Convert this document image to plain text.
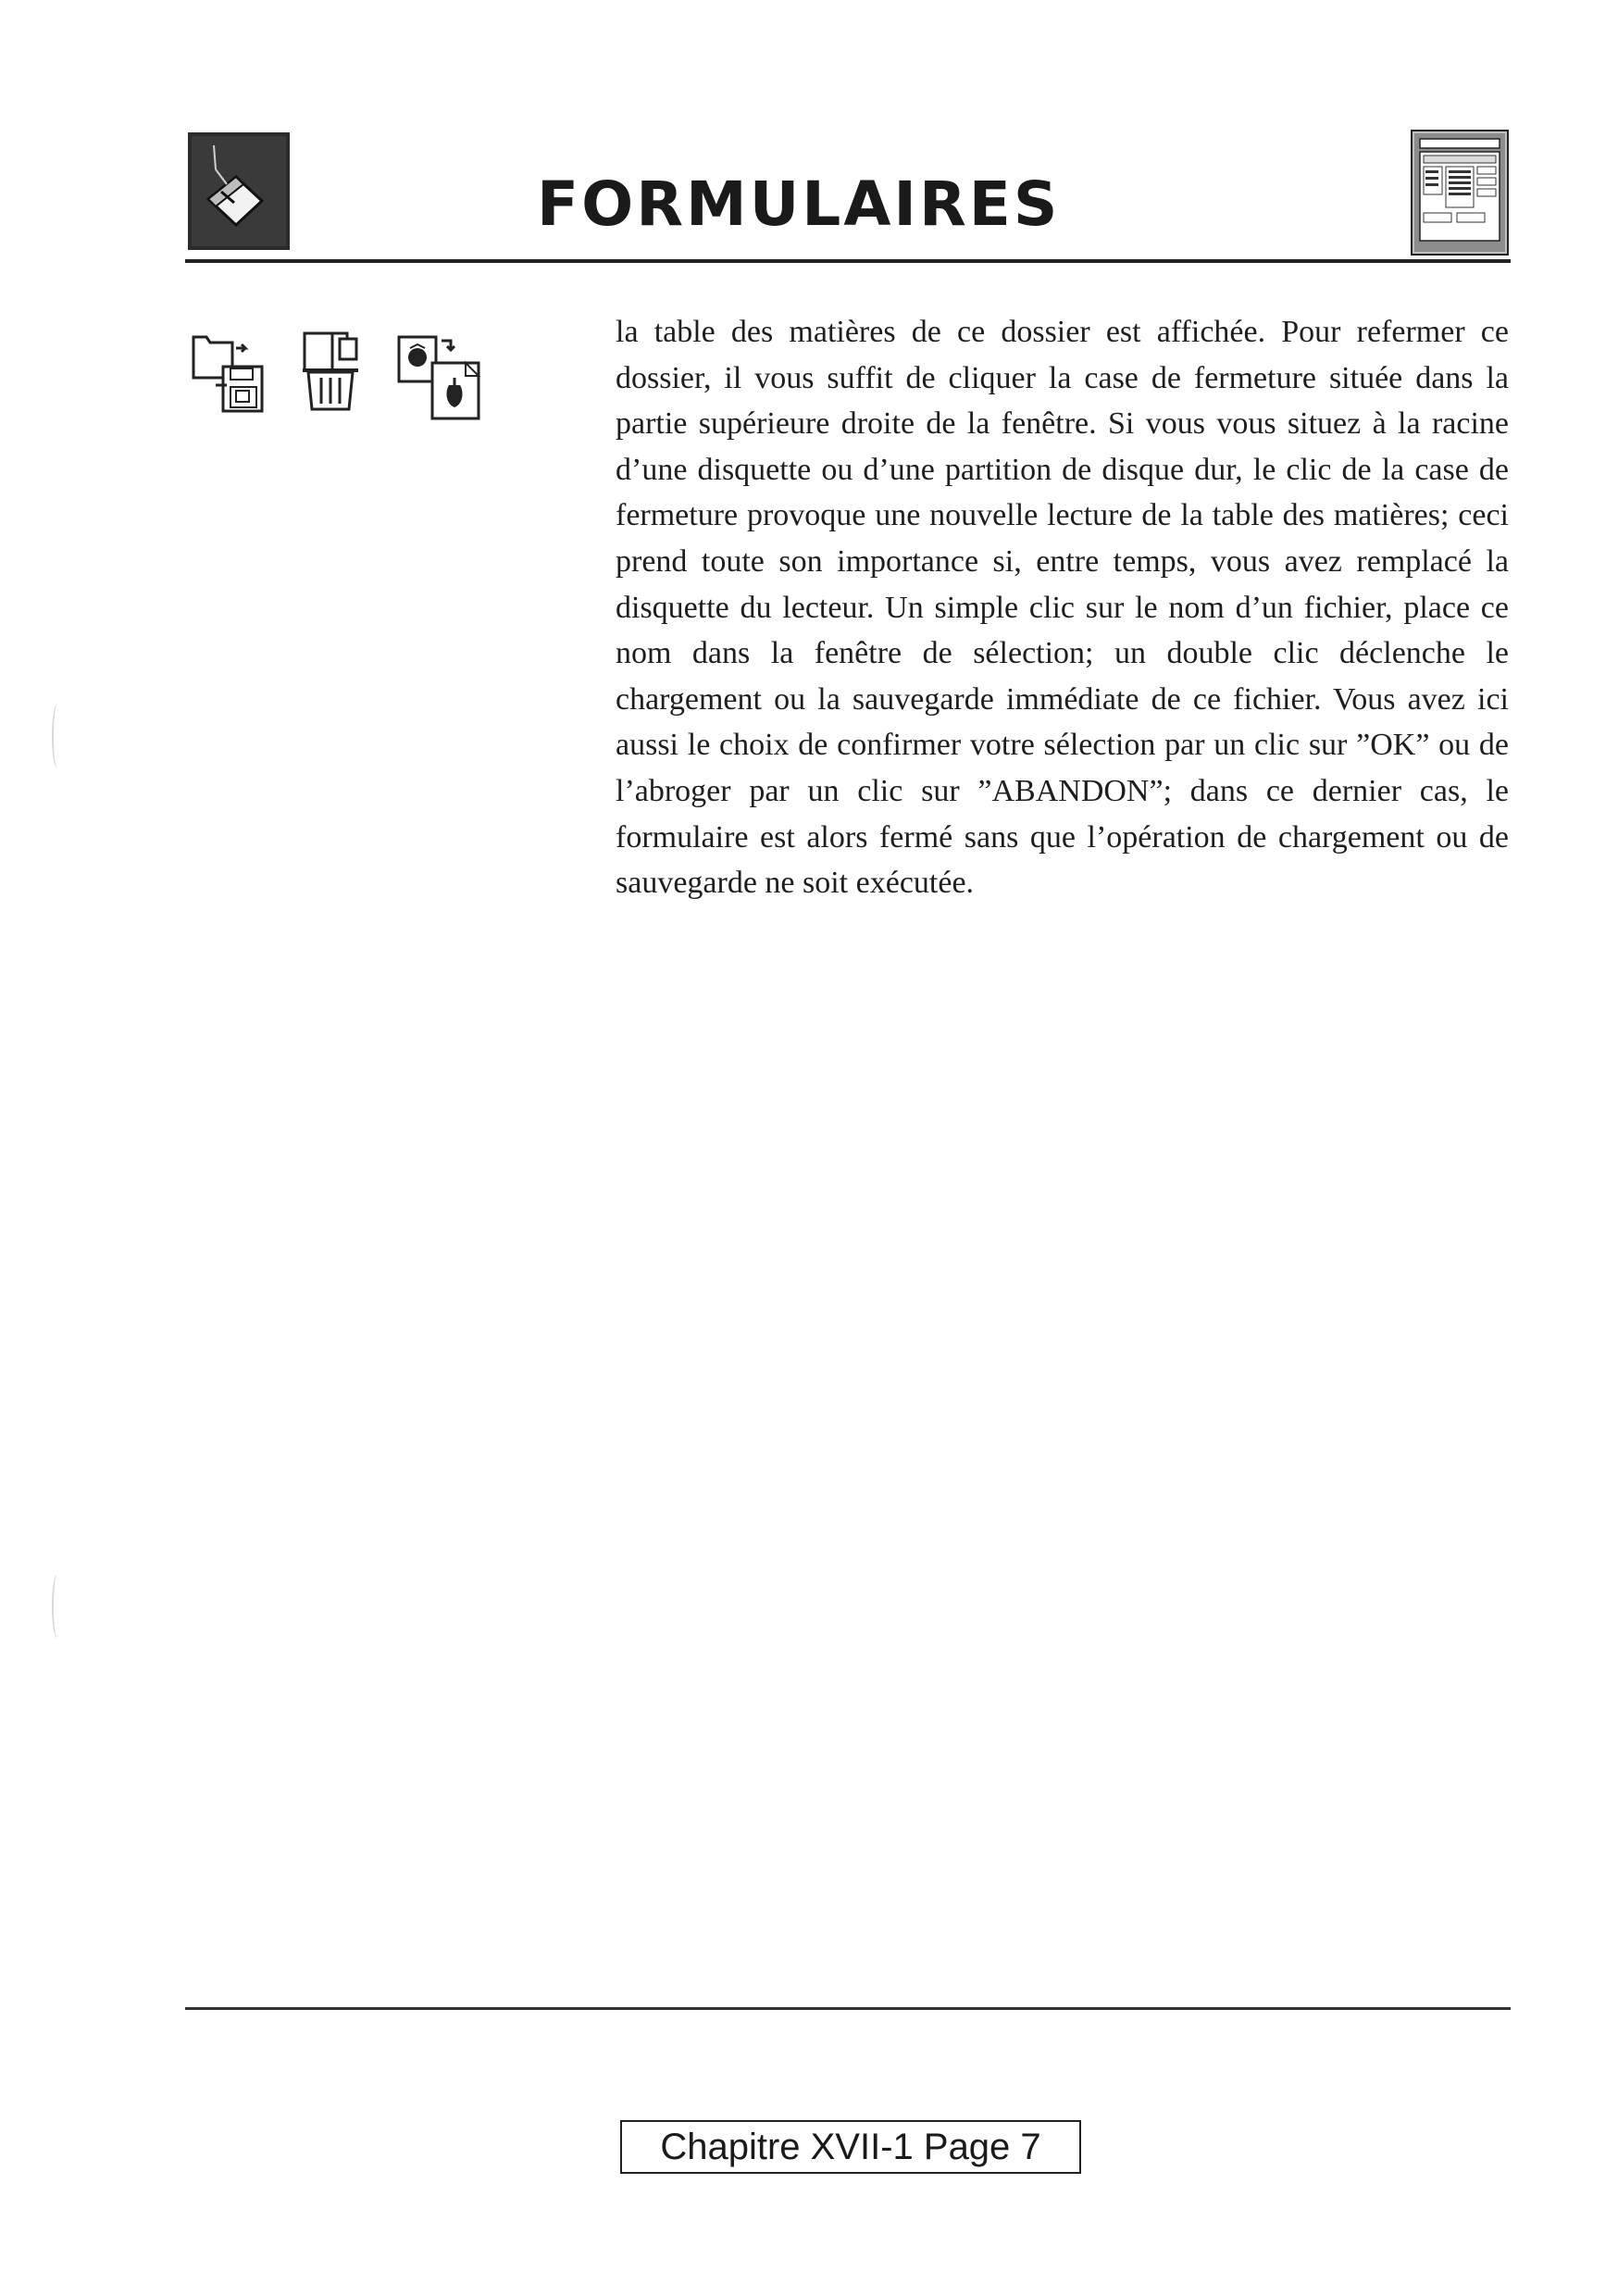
FORMULAIRES
la table des matières de ce dossier est affichée. Pour refermer ce dossier, il vous suffit de cliquer la case de fermeture située dans la partie supérieure droite de la fenêtre. Si vous vous situez à la racine d’une disquette ou d’une partition de disque dur, le clic de la case de fermeture provoque une nouvelle lecture de la table des matières; ceci prend toute son importance si, entre temps, vous avez remplacé la disquette du lecteur. Un simple clic sur le nom d’un fichier, place ce nom dans la fenêtre de sélection; un double clic déclenche le chargement ou la sauvegarde immédiate de ce fichier. Vous avez ici aussi le choix de confirmer votre sélection par un clic sur ”OK” ou de l’abroger par un clic sur ”ABANDON”; dans ce dernier cas, le formulaire est alors fermé sans que l’opération de chargement ou de sauvegarde ne soit exécutée.
Chapitre XVII-1 Page 7
